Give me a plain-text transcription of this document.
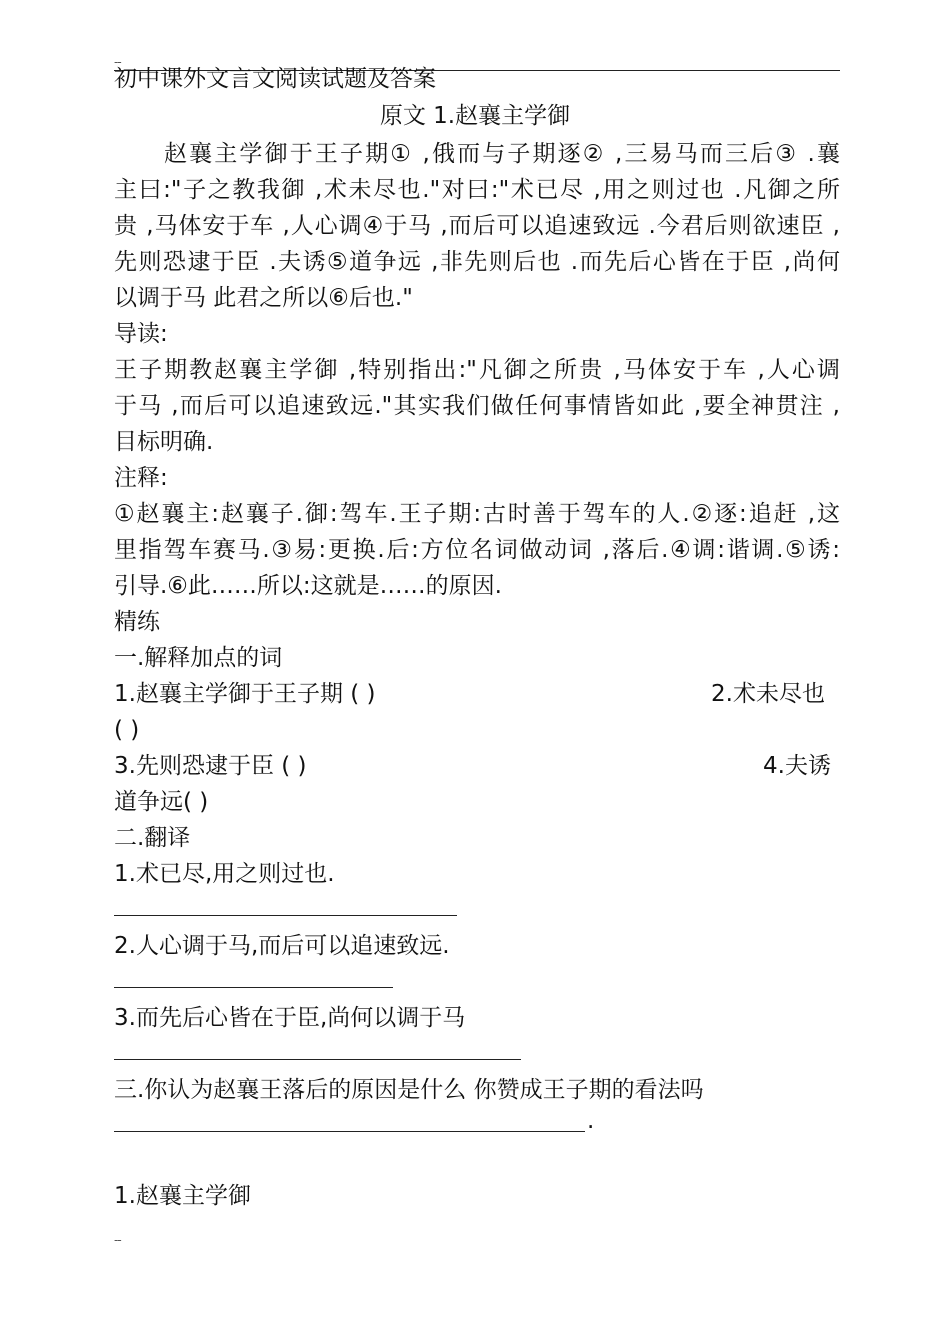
--
初中课外文言文阅读试题及答案
原文 1.赵襄主学御
赵襄主学御于王子期① ,俄而与子期逐② ,三易马而三后③ .襄
主曰:"子之教我御 ,术未尽也."对曰:"术已尽 ,用之则过也 .凡御之所
贵 ,马体安于车 ,人心调④于马 ,而后可以追速致远 .今君后则欲速臣 ,
先则恐逮于臣 .夫诱⑤道争远 ,非先则后也 .而先后心皆在于臣 ,尚何
以调于马 此君之所以⑥后也."
导读:
王子期教赵襄主学御 ,特别指出:"凡御之所贵 ,马体安于车 ,人心调
于马 ,而后可以追速致远."其实我们做任何事情皆如此 ,要全神贯注 ,
目标明确.
注释:
①赵襄主:赵襄子.御:驾车.王子期:古时善于驾车的人.②逐:追赶 ,这
里指驾车赛马.③易:更换.后:方位名词做动词 ,落后.④调:谐调.⑤诱:
引导.⑥此……所以:这就是……的原因.
精练
一.解释加点的词
1.赵襄主学御于王子期 ( )	2.术未尽也
( )
3.先则恐逮于臣 ( )	4.夫诱
道争远( )
二.翻译
1.术已尽,用之则过也.
2.人心调于马,而后可以追速致远.
3.而先后心皆在于臣,尚何以调于马
三.你认为赵襄王落后的原因是什么 你赞成王子期的看法吗
.
1.赵襄主学御
--
